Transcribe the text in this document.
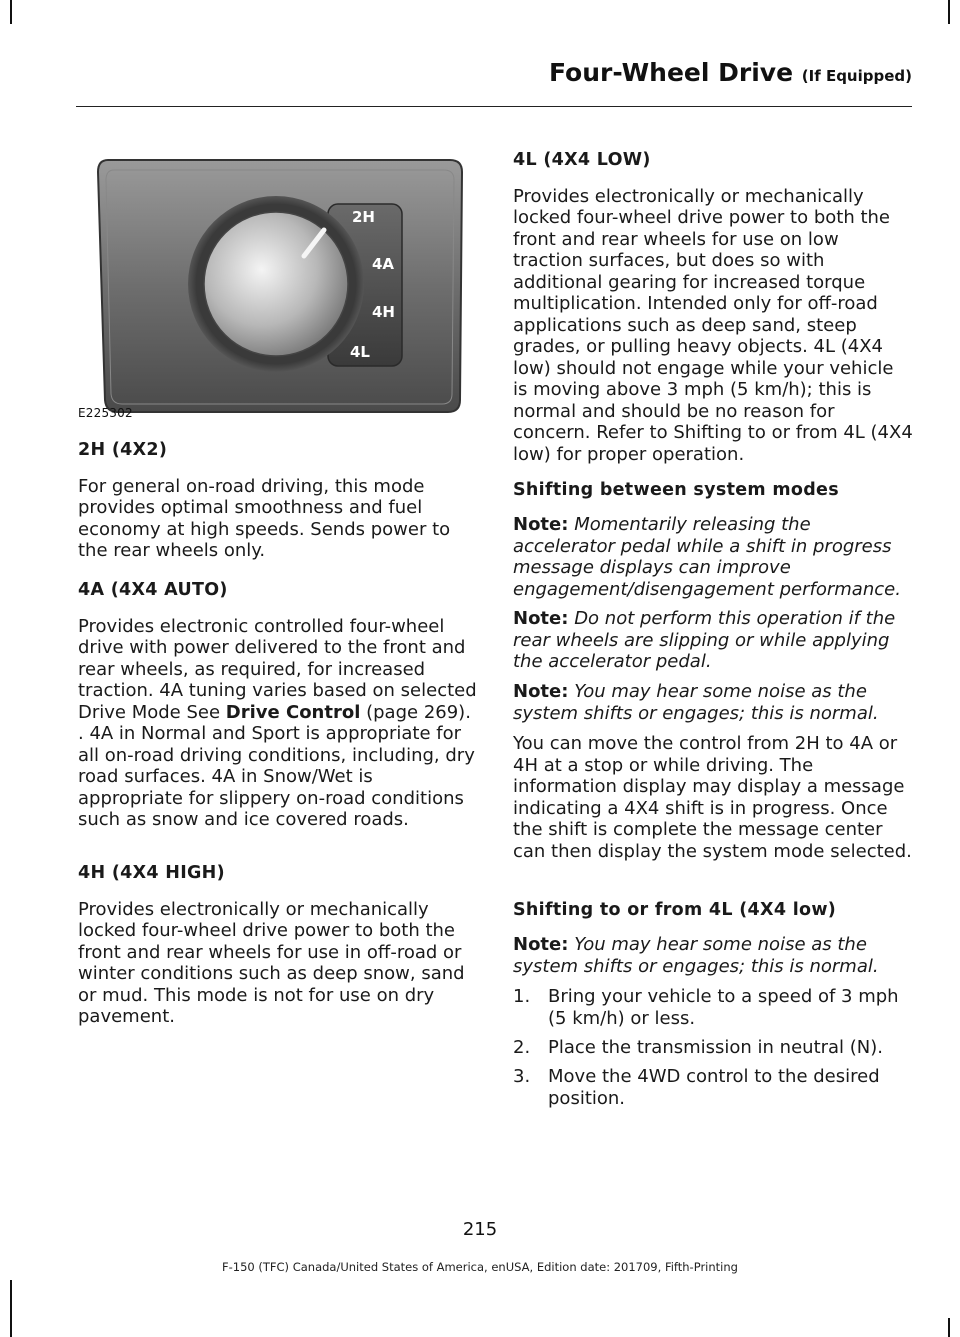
Four-Wheel Drive (If Equipped)
2H
4A
4H
4L
E225302
2H (4X2)

For general on-road driving, this mode provides optimal smoothness and fuel economy at high speeds. Sends power to the rear wheels only.

4A (4X4 AUTO)

Provides electronic controlled four-wheel drive with power delivered to the front and rear wheels, as required, for increased traction. 4A tuning varies based on selected Drive Mode See Drive Control (page 269). . 4A in Normal and Sport is appropriate for all on-road driving conditions, including, dry road surfaces. 4A in Snow/Wet is appropriate for slippery on-road conditions such as snow and ice covered roads.

4H (4X4 HIGH)

Provides electronically or mechanically locked four-wheel drive power to both the front and rear wheels for use in off-road or winter conditions such as deep snow, sand or mud. This mode is not for use on dry pavement.

4L (4X4 LOW)

Provides electronically or mechanically locked four-wheel drive power to both the front and rear wheels for use on low traction surfaces, but does so with additional gearing for increased torque multiplication. Intended only for off-road applications such as deep sand, steep grades, or pulling heavy objects. 4L (4X4 low) should not engage while your vehicle is moving above 3 mph (5 km/h); this is normal and should be no reason for concern. Refer to Shifting to or from 4L (4X4 low) for proper operation.

Shifting between system modes

Note: Momentarily releasing the accelerator pedal while a shift in progress message displays can improve engagement/disengagement performance.

Note: Do not perform this operation if the rear wheels are slipping or while applying the accelerator pedal.

Note: You may hear some noise as the system shifts or engages; this is normal.

You can move the control from 2H to 4A or 4H at a stop or while driving. The information display may display a message indicating a 4X4 shift is in progress. Once the shift is complete the message center can then display the system mode selected.

Shifting to or from 4L (4X4 low)

Note: You may hear some noise as the system shifts or engages; this is normal.

1. Bring your vehicle to a speed of 3 mph (5 km/h) or less.
2. Place the transmission in neutral (N).
3. Move the 4WD control to the desired position.
215
F-150 (TFC) Canada/United States of America, enUSA, Edition date: 201709, Fifth-Printing
